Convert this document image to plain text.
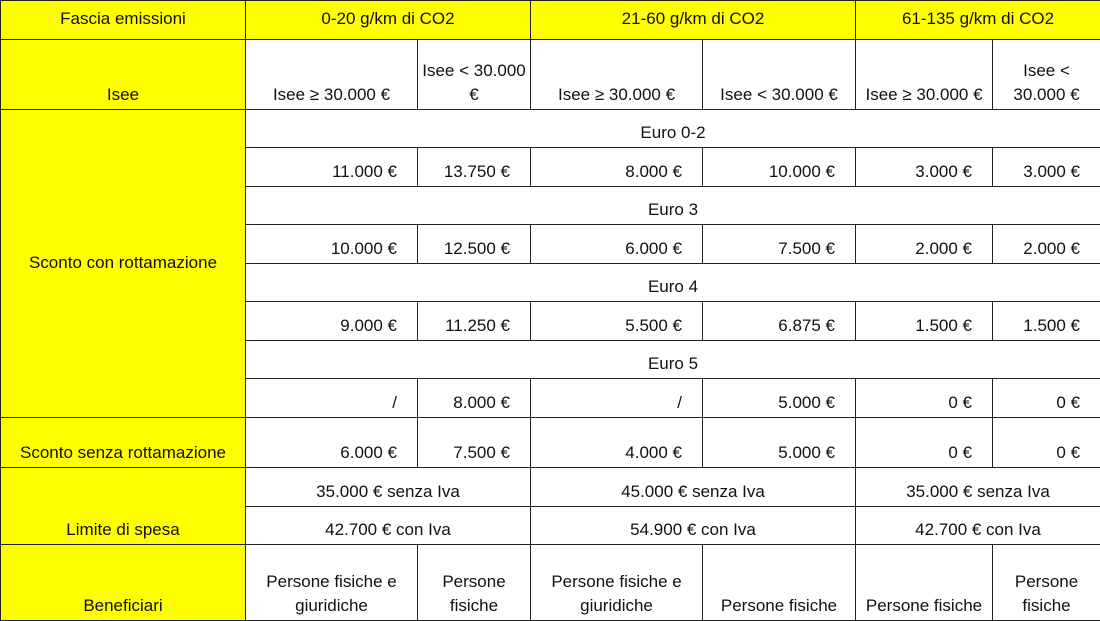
Fascia emissioni	0-20 g/km di CO2		21-60 g/km di CO2		61-135 g/km di CO2	
Isee	Isee ≥ 30.000 €	Isee < 30.000 €	Isee ≥ 30.000 €	Isee < 30.000 €	Isee ≥ 30.000 €	Isee < 30.000 €
Sconto con rottamazione	Euro 0-2					
	11.000 €	13.750 €	8.000 €	10.000 €	3.000 €	3.000 €
	Euro 3					
	10.000 €	12.500 €	6.000 €	7.500 €	2.000 €	2.000 €
	Euro 4					
	9.000 €	11.250 €	5.500 €	6.875 €	1.500 €	1.500 €
	Euro 5					
	/	8.000 €	/	5.000 €	0 €	0 €
Sconto senza rottamazione	6.000 €	7.500 €	4.000 €	5.000 €	0 €	0 €
Limite di spesa	35.000 € senza Iva		45.000 € senza Iva		35.000 € senza Iva	
	42.700 € con Iva		54.900 € con Iva		42.700 € con Iva	
Beneficiari	Persone fisiche e giuridiche	Persone fisiche	Persone fisiche e giuridiche	Persone fisiche	Persone fisiche	Persone fisiche
